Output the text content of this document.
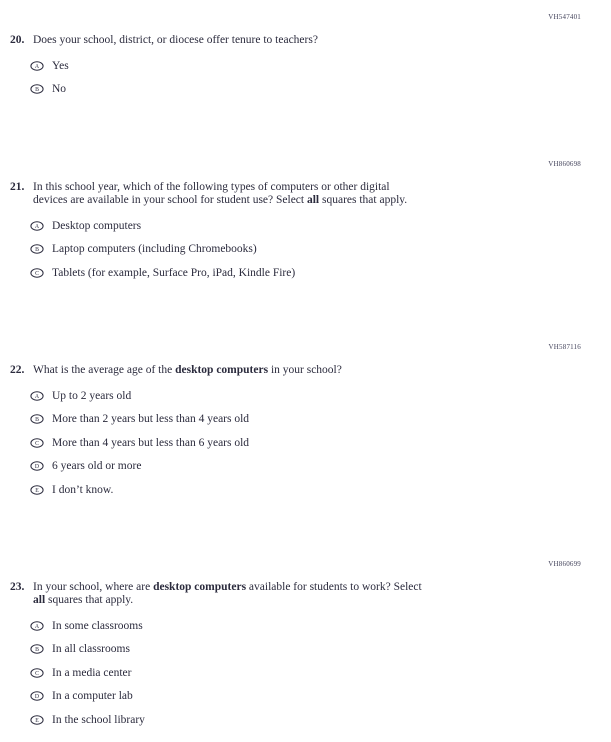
VH547401
20. Does your school, district, or diocese offer tenure to teachers?
A Yes
B No
VH860698
21. In this school year, which of the following types of computers or other digital
devices are available in your school for student use? Select all squares that apply.
A Desktop computers
B Laptop computers (including Chromebooks)
C Tablets (for example, Surface Pro, iPad, Kindle Fire)
VH587116
22. What is the average age of the desktop computers in your school?
A Up to 2 years old
B More than 2 years but less than 4 years old
C More than 4 years but less than 6 years old
D 6 years old or more
E I don’t know.
VH860699
23. In your school, where are desktop computers available for students to work? Select
all squares that apply.
A In some classrooms
B In all classrooms
C In a media center
D In a computer lab
E In the school library
